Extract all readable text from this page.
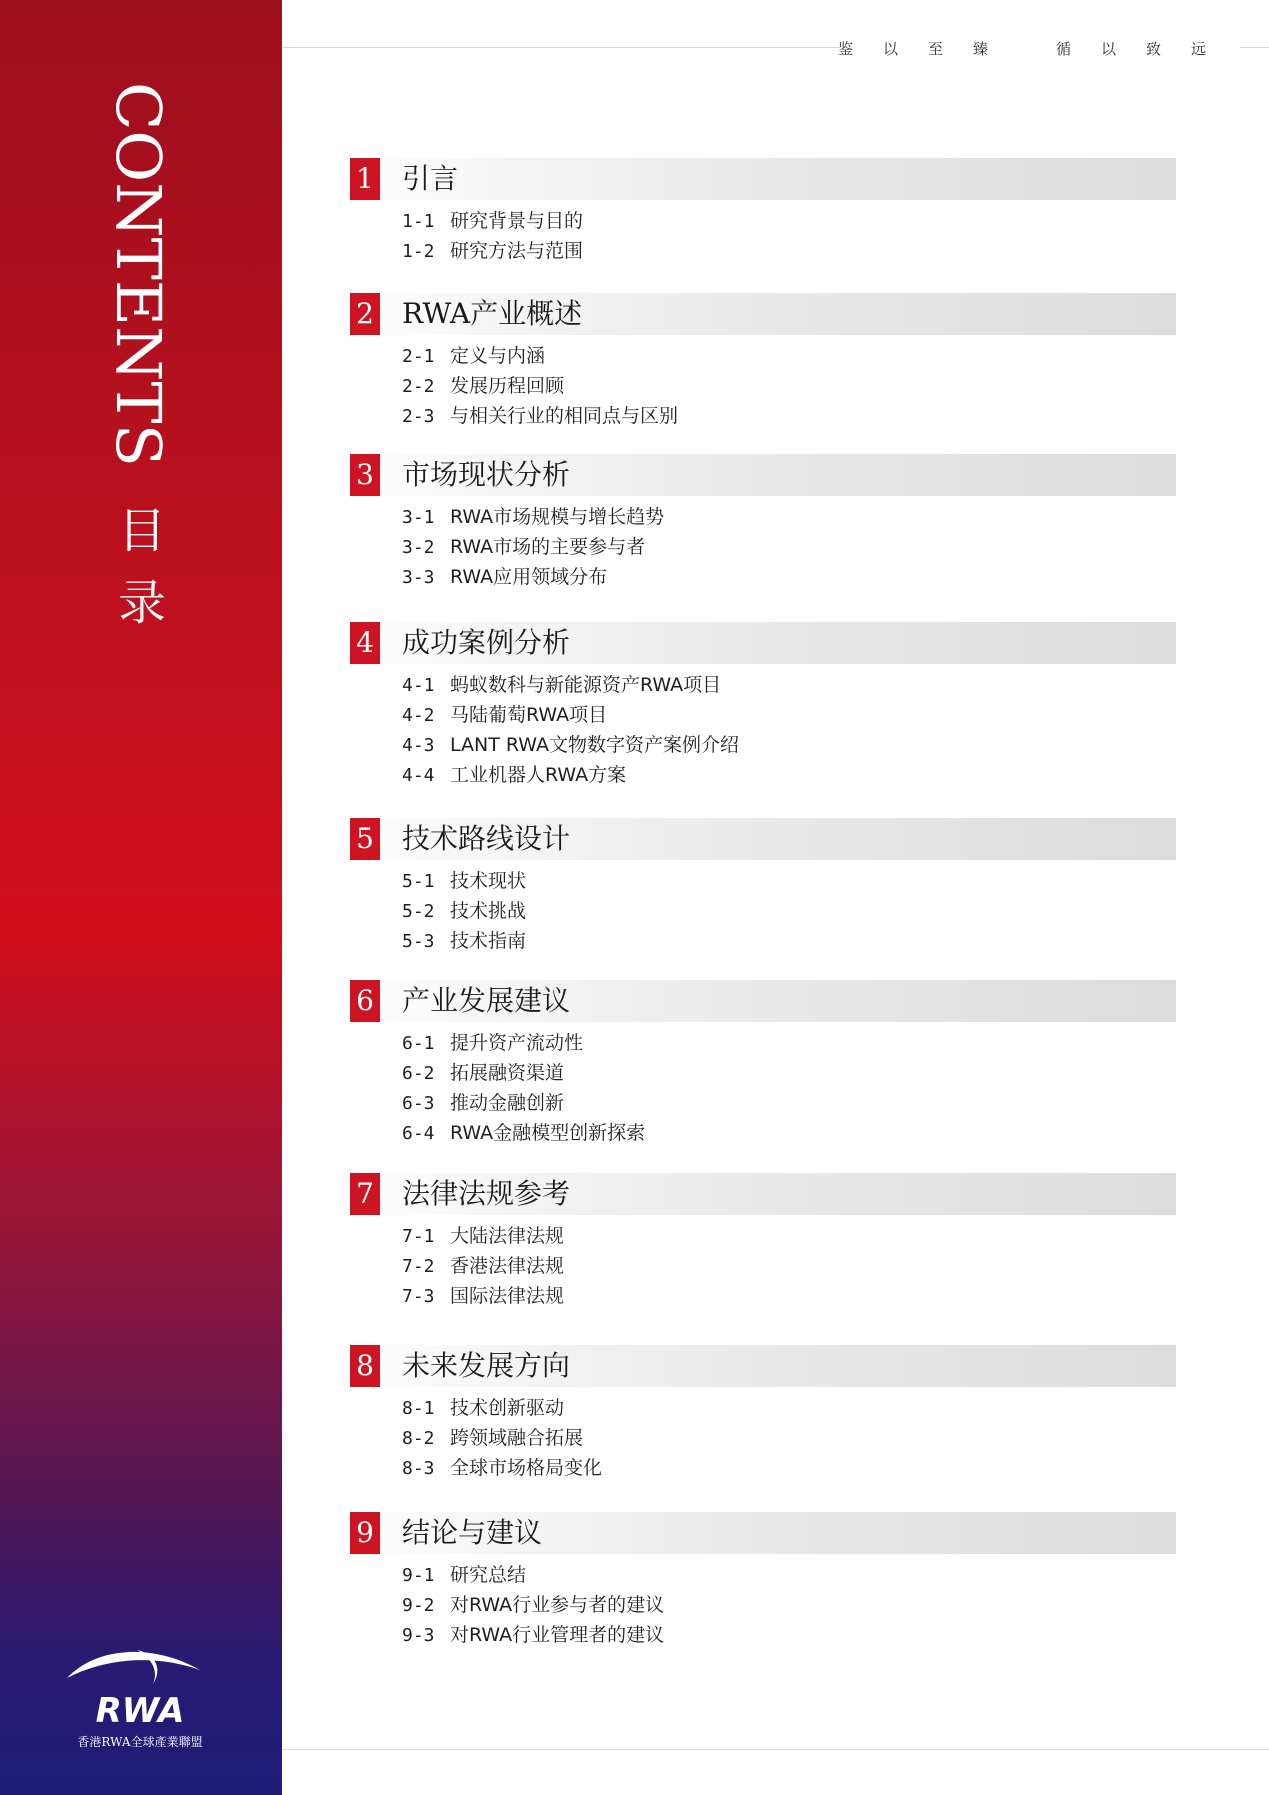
CONTENTS
目
录
RWA
香港RWA全球產業聯盟
鉴 以 至 臻	循 以 致 远
1 引言
1-1 研究背景与目的
1-2 研究方法与范围
2 RWA产业概述
2-1 定义与内涵
2-2 发展历程回顾
2-3 与相关行业的相同点与区别
3 市场现状分析
3-1 RWA市场规模与增长趋势
3-2 RWA市场的主要参与者
3-3 RWA应用领域分布
4 成功案例分析
4-1 蚂蚁数科与新能源资产RWA项目
4-2 马陆葡萄RWA项目
4-3 LANT RWA文物数字资产案例介绍
4-4 工业机器人RWA方案
5 技术路线设计
5-1 技术现状
5-2 技术挑战
5-3 技术指南
6 产业发展建议
6-1 提升资产流动性
6-2 拓展融资渠道
6-3 推动金融创新
6-4 RWA金融模型创新探索
7 法律法规参考
7-1 大陆法律法规
7-2 香港法律法规
7-3 国际法律法规
8 未来发展方向
8-1 技术创新驱动
8-2 跨领域融合拓展
8-3 全球市场格局变化
9 结论与建议
9-1 研究总结
9-2 对RWA行业参与者的建议
9-3 对RWA行业管理者的建议
